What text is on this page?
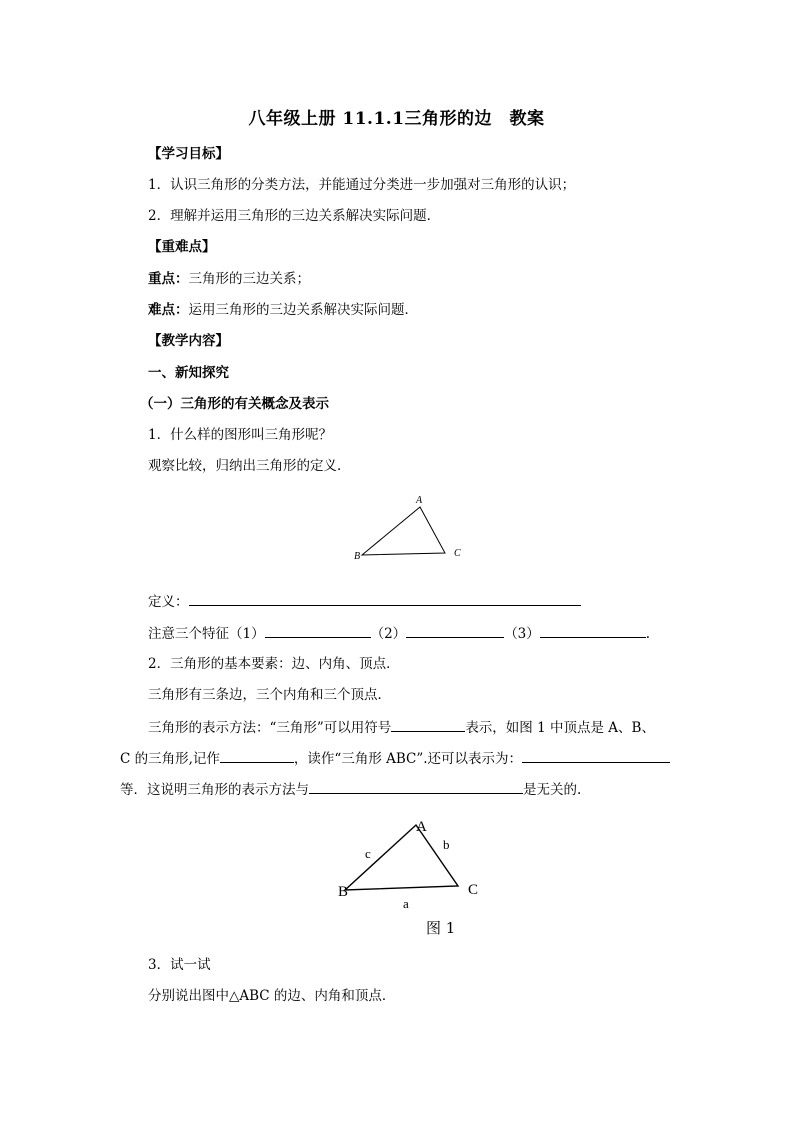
八年级上册 11.1.1三角形的边　教案
【学习目标】
1．认识三角形的分类方法，并能通过分类进一步加强对三角形的认识；
2．理解并运用三角形的三边关系解决实际问题．
【重难点】
重点：三角形的三边关系；
难点：运用三角形的三边关系解决实际问题．
【教学内容】
一、新知探究
（一）三角形的有关概念及表示
1．什么样的图形叫三角形呢？
观察比较，归纳出三角形的定义．
A
B	C
定义：
注意三个特征（1）	（2）	（3）	.
2．三角形的基本要素：边、内角、顶点．
三角形有三条边，三个内角和三个顶点．
三角形的表示方法：“三角形”可以用符号	表示，如图 1 中顶点是 A、B、
C 的三角形,记作	，读作“三角形 ABC”.还可以表示为：
等．这说明三角形的表示方法与	是无关的.
A
B	C
b
c
a
图 1
3．试一试
分别说出图中△ABC 的边、内角和顶点．
